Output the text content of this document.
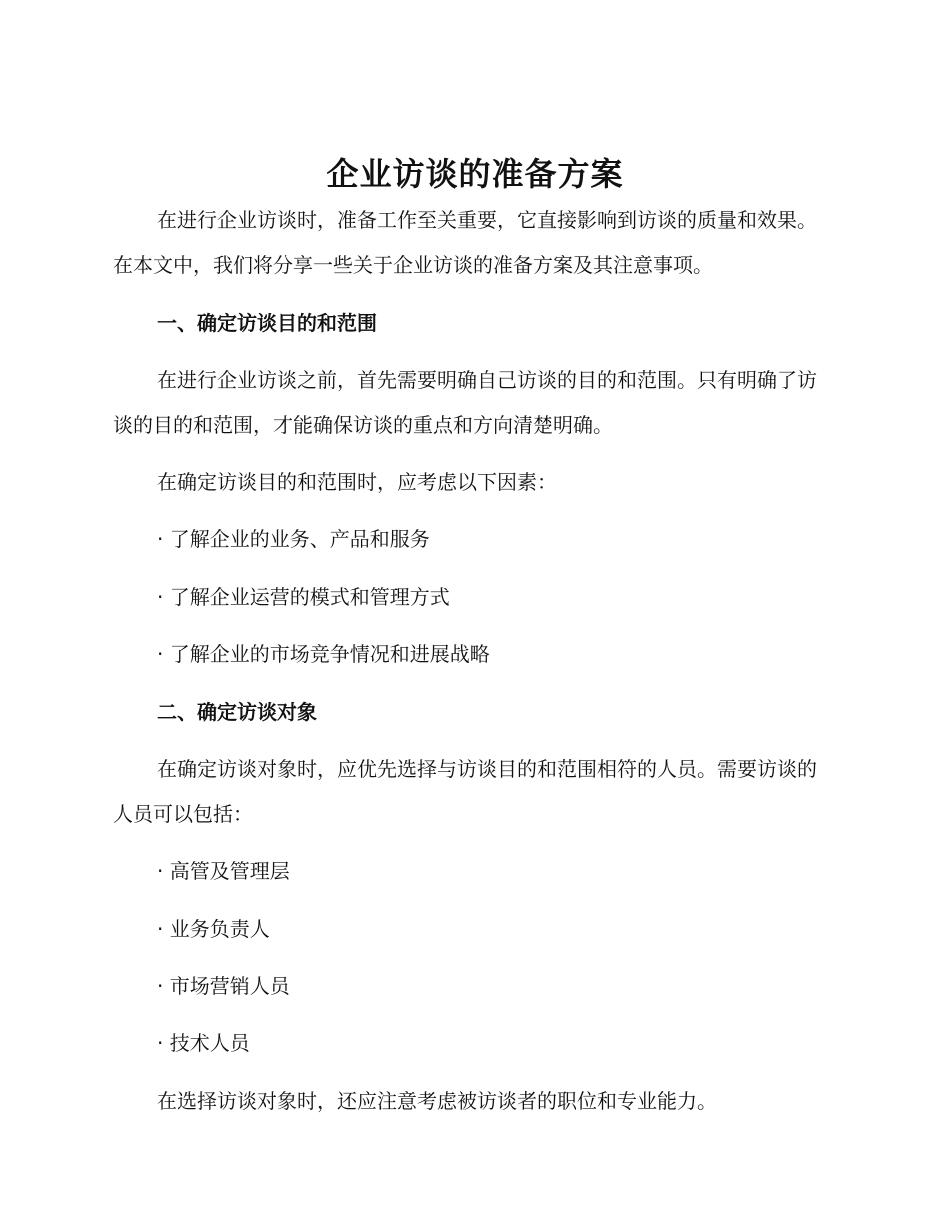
企业访谈的准备方案

在进行企业访谈时，准备工作至关重要，它直接影响到访谈的质量和效果。在本文中，我们将分享一些关于企业访谈的准备方案及其注意事项。

一、确定访谈目的和范围

在进行企业访谈之前，首先需要明确自己访谈的目的和范围。只有明确了访谈的目的和范围，才能确保访谈的重点和方向清楚明确。

在确定访谈目的和范围时，应考虑以下因素：

· 了解企业的业务、产品和服务

· 了解企业运营的模式和管理方式

· 了解企业的市场竞争情况和进展战略

二、确定访谈对象

在确定访谈对象时，应优先选择与访谈目的和范围相符的人员。需要访谈的人员可以包括：

· 高管及管理层

· 业务负责人

· 市场营销人员

· 技术人员

在选择访谈对象时，还应注意考虑被访谈者的职位和专业能力。
